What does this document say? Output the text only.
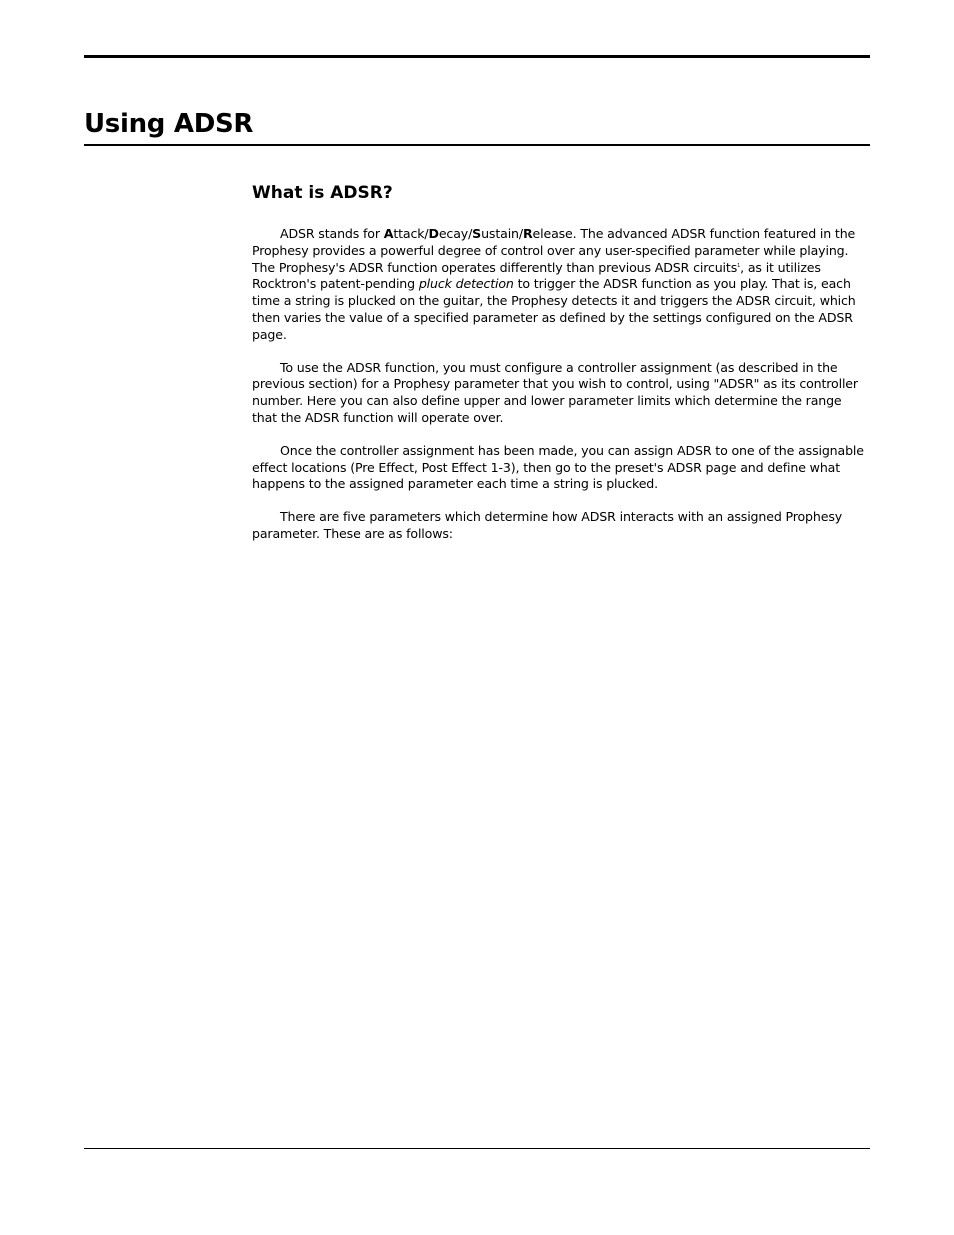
Using ADSR
What is ADSR?

ADSR stands for Attack/Decay/Sustain/Release. The advanced ADSR function featured in the Prophesy provides a powerful degree of control over any user-specified parameter while playing. The Prophesy's ADSR function operates differently than previous ADSR circuits$^1$, as it utilizes Rocktron's patent-pending pluck detection to trigger the ADSR function as you play. That is, each time a string is plucked on the guitar, the Prophesy detects it and triggers the ADSR circuit, which then varies the value of a specified parameter as defined by the settings configured on the ADSR page.

To use the ADSR function, you must configure a controller assignment (as described in the previous section) for a Prophesy parameter that you wish to control, using "ADSR" as its controller number. Here you can also define upper and lower parameter limits which determine the range that the ADSR function will operate over.

Once the controller assignment has been made, you can assign ADSR to one of the assignable effect locations (Pre Effect, Post Effect 1-3), then go to the preset's ADSR page and define what happens to the assigned parameter each time a string is plucked.

There are five parameters which determine how ADSR interacts with an assigned Prophesy parameter. These are as follows:
